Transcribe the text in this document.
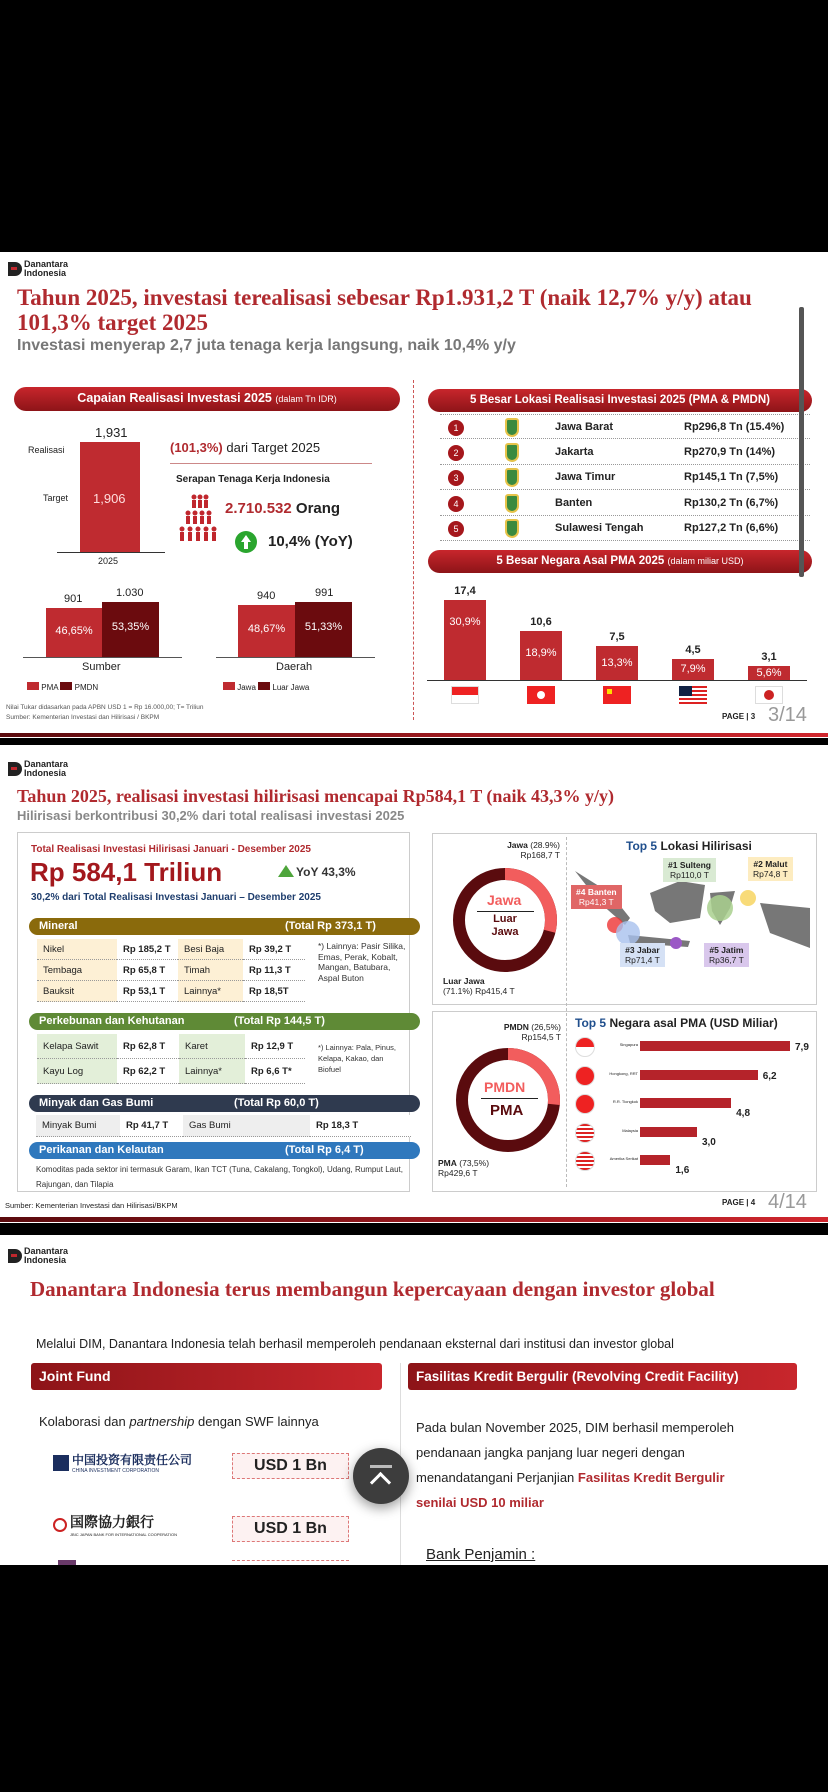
Danantara
Indonesia
Tahun 2025, investasi terealisasi sebesar Rp1.931,2 T (naik 12,7% y/y) atau 101,3% target 2025
Investasi menyerap 2,7 juta tenaga kerja langsung, naik 10,4% y/y
Capaian Realisasi Investasi 2025 (dalam Tn IDR)
1,931
Realisasi
Target 1,906
2025
(101,3%) dari Target 2025
Serapan Tenaga Kerja Indonesia
2.710.532 Orang
10,4% (YoY)
901	1.030
46,65%	53,35%
Sumber
940	991
48,67%	51,33%
Daerah
PMA PMDN	Jawa Luar Jawa
Nilai Tukar didasarkan pada APBN USD 1 = Rp 16.000,00; T= Triliun
Sumber: Kementerian Investasi dan Hilirisasi / BKPM
5 Besar Lokasi Realisasi Investasi 2025 (PMA & PMDN)
1	Jawa Barat	Rp296,8 Tn (15.4%)
2	Jakarta	Rp270,9 Tn (14%)
3	Jawa Timur	Rp145,1 Tn (7,5%)
4	Banten	Rp130,2 Tn (6,7%)
5	Sulawesi Tengah	Rp127,2 Tn (6,6%)
5 Besar Negara Asal PMA 2025 (dalam miliar USD)
30,9%
17,4
18,9%
10,6
13,3%
7,5
7,9%
4,5
5,6%
3,1
PAGE | 3 3/14
Danantara
Indonesia
Tahun 2025, realisasi investasi hilirisasi mencapai Rp584,1 T (naik 43,3% y/y)
Hilirisasi berkontribusi 30,2% dari total realisasi investasi 2025
Total Realisasi Investasi Hilirisasi Januari - Desember 2025
Rp 584,1 Triliun	YoY 43,3%
30,2% dari Total Realisasi Investasi Januari – Desember 2025
Mineral	(Total Rp 373,1 T)
Nikel	Rp 185,2 T	Besi Baja	Rp 39,2 T
Tembaga	Rp 65,8 T	Timah	Rp 11,3 T
Bauksit	Rp 53,1 T	Lainnya*	Rp 18,5T
*) Lainnya: Pasir Silika, Emas, Perak, Kobalt, Mangan, Batubara, Aspal Buton
Perkebunan dan Kehutanan	(Total Rp 144,5 T)
Kelapa Sawit	Rp 62,8 T	Karet	Rp 12,9 T
Kayu Log	Rp 62,2 T	Lainnya*	Rp 6,6 T*
*) Lainnya: Pala, Pinus, Kelapa, Kakao, dan Biofuel
Minyak dan Gas Bumi	(Total Rp 60,0 T)
Minyak Bumi	Rp 41,7 T	Gas Bumi	Rp 18,3 T
Perikanan dan Kelautan	(Total Rp 6,4 T)
Komoditas pada sektor ini termasuk Garam, Ikan TCT (Tuna, Cakalang, Tongkol), Udang, Rumput Laut, Rajungan, dan Tilapia
Sumber: Kementerian Investasi dan Hilirisasi/BKPM
Jawa (28.9%)
Rp168,7 T
Jawa
Luar Jawa
Luar Jawa
(71.1%) Rp415,4 T
Top 5 Lokasi Hilirisasi
#1 Sulteng
Rp110,0 T
#2 Malut
Rp74,8 T
#3 Jabar
Rp71,4 T
#4 Banten
Rp41,3 T
#5 Jatim
Rp36,7 T
PMDN (26,5%)
Rp154,5 T
PMDN
PMA
PMA (73,5%)
Rp429,6 T
Top 5 Negara asal PMA (USD Miliar)
Singapura	7,9
Hongkong, RRT	6,2
R.R. Tiongkok
4,8
Malaysia
3,0
Amerika Serikat
1,6
PAGE | 4 4/14
Danantara
Indonesia
Danantara Indonesia terus membangun kepercayaan dengan investor global
Melalui DIM, Danantara Indonesia telah berhasil memperoleh pendanaan eksternal dari institusi dan investor global
Joint Fund	Fasilitas Kredit Bergulir (Revolving Credit Facility)
Kolaborasi dan partnership dengan SWF lainnya
中国投资有限责任公司
CHINA INVESTMENT CORPORATION	USD 1 Bn
国際協力銀行
JBIC JAPAN BANK FOR INTERNATIONAL COOPERATION	USD 1 Bn
Pada bulan November 2025, DIM berhasil memperoleh
pendanaan jangka panjang luar negeri dengan
menandatangani Perjanjian Fasilitas Kredit Bergulir
senilai USD 10 miliar
Bank Penjamin :
